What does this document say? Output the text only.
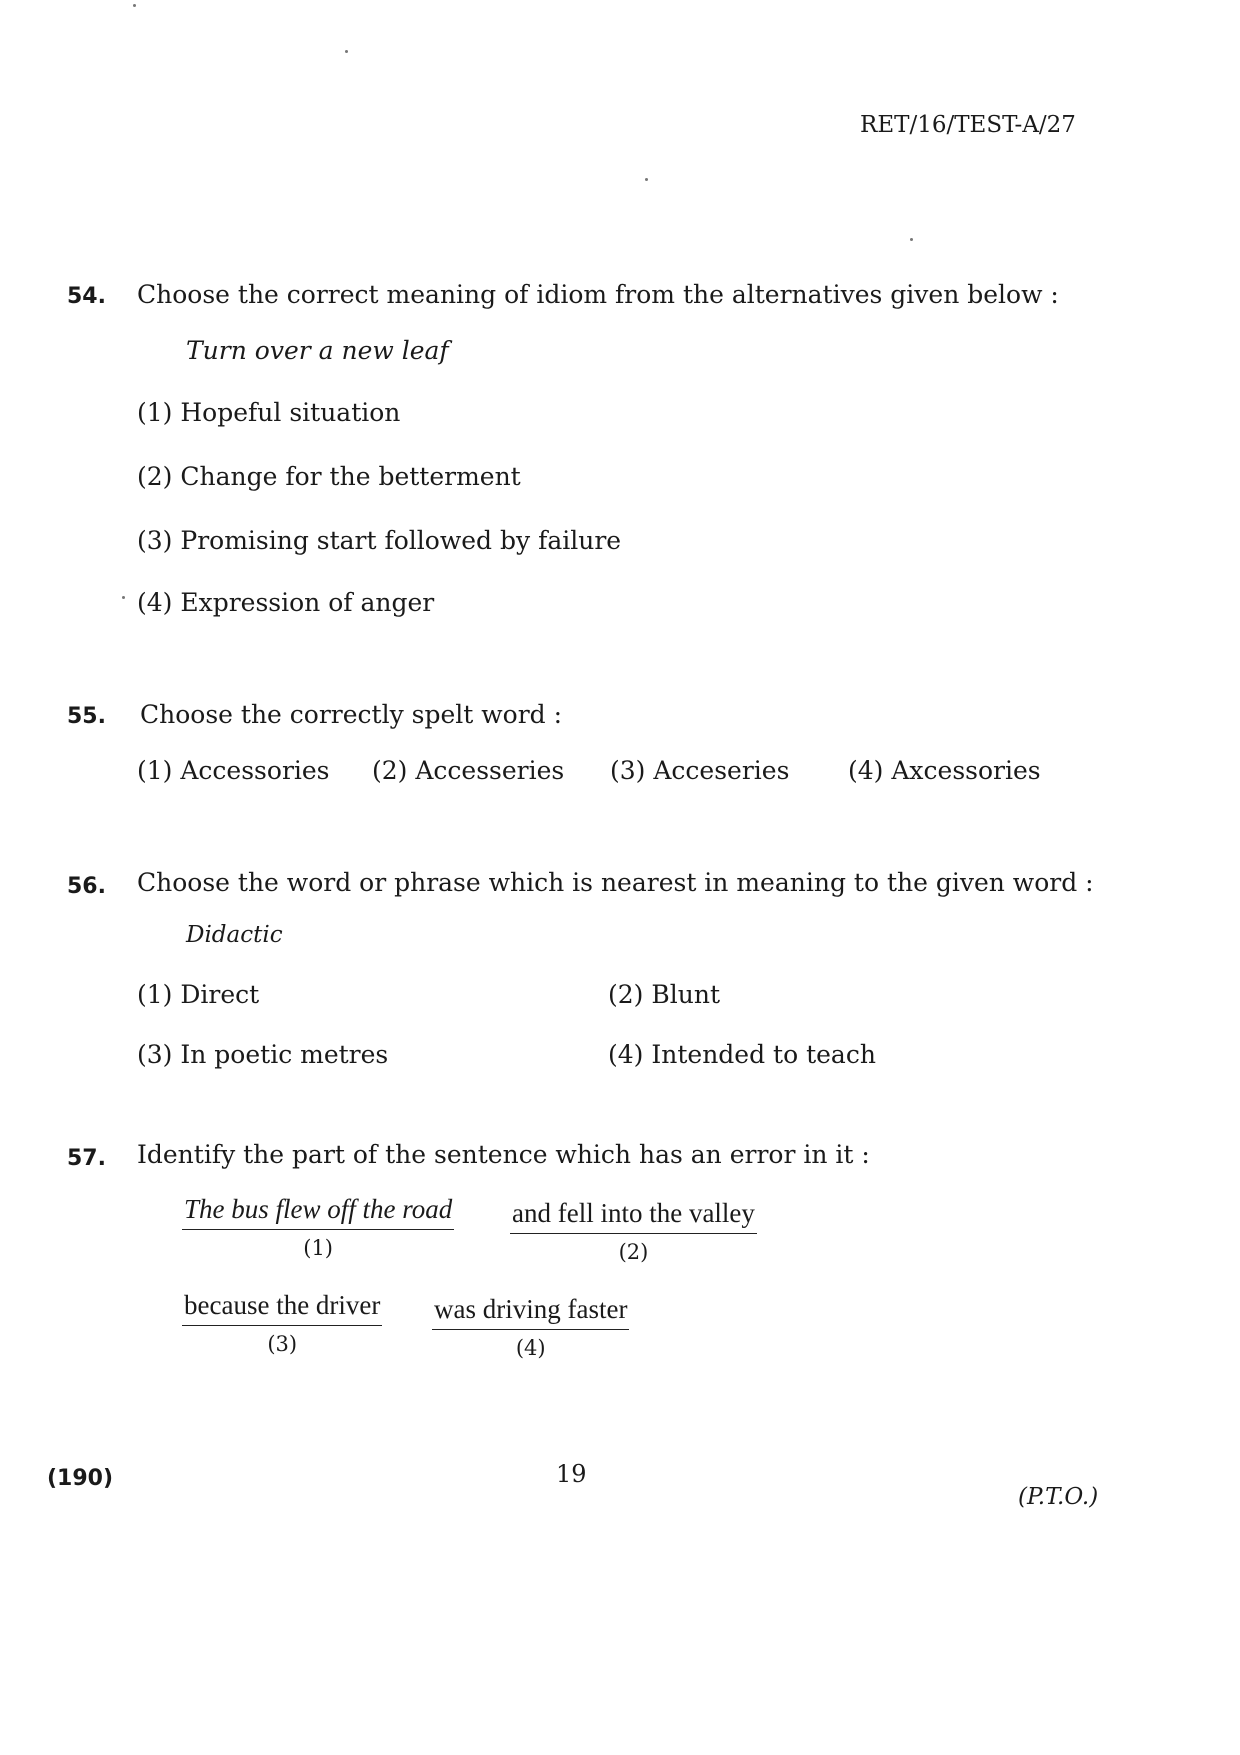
RET/16/TEST-A/27
54. Choose the correct meaning of idiom from the alternatives given below :
Turn over a new leaf
(1) Hopeful situation
(2) Change for the betterment
(3) Promising start followed by failure
(4) Expression of anger
55. Choose the correctly spelt word :
(1) Accessories (2) Accesseries (3) Acceseries (4) Axcessories
56. Choose the word or phrase which is nearest in meaning to the given word :
Didactic
(1) Direct	(2) Blunt
(3) In poetic metres	(4) Intended to teach
57. Identify the part of the sentence which has an error in it :
The bus flew off the road
(1)
and fell into the valley
(2)
because the driver
(3)
was driving faster
(4)
(190)	19
(P.T.O.)
